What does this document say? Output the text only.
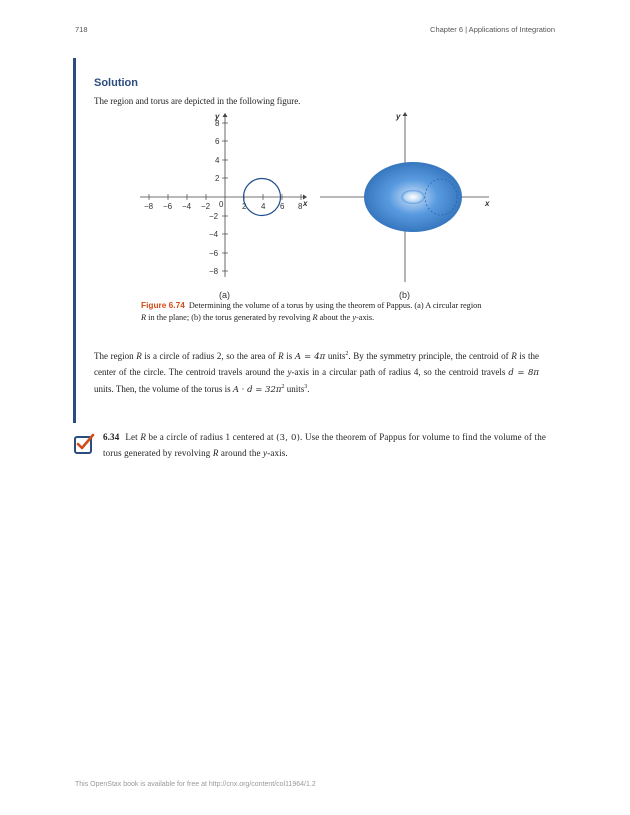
718	Chapter 6 | Applications of Integration
Solution
The region and torus are depicted in the following figure.
−8 −6 −4 −2	2 4 6 8
0
8
6
4
2
−2
−4
−6
−8
x
y
(a)
x
y
(b)
Figure 6.74 Determining the volume of a torus by using the theorem of Pappus. (a) A circular region R in the plane; (b) the torus generated by revolving R about the y-axis.
The region R is a circle of radius 2, so the area of R is A = 4π units$^2$. By the symmetry principle, the centroid of R is the center of the circle. The centroid travels around the y-axis in a circular path of radius 4, so the centroid travels d = 8π units. Then, the volume of the torus is $A \cdot d = 32\pi^2$ units$^3$.
6.34 Let R be a circle of radius 1 centered at (3, 0). Use the theorem of Pappus for volume to find the volume of the torus generated by revolving R around the y-axis.
This OpenStax book is available for free at http://cnx.org/content/col11964/1.2
